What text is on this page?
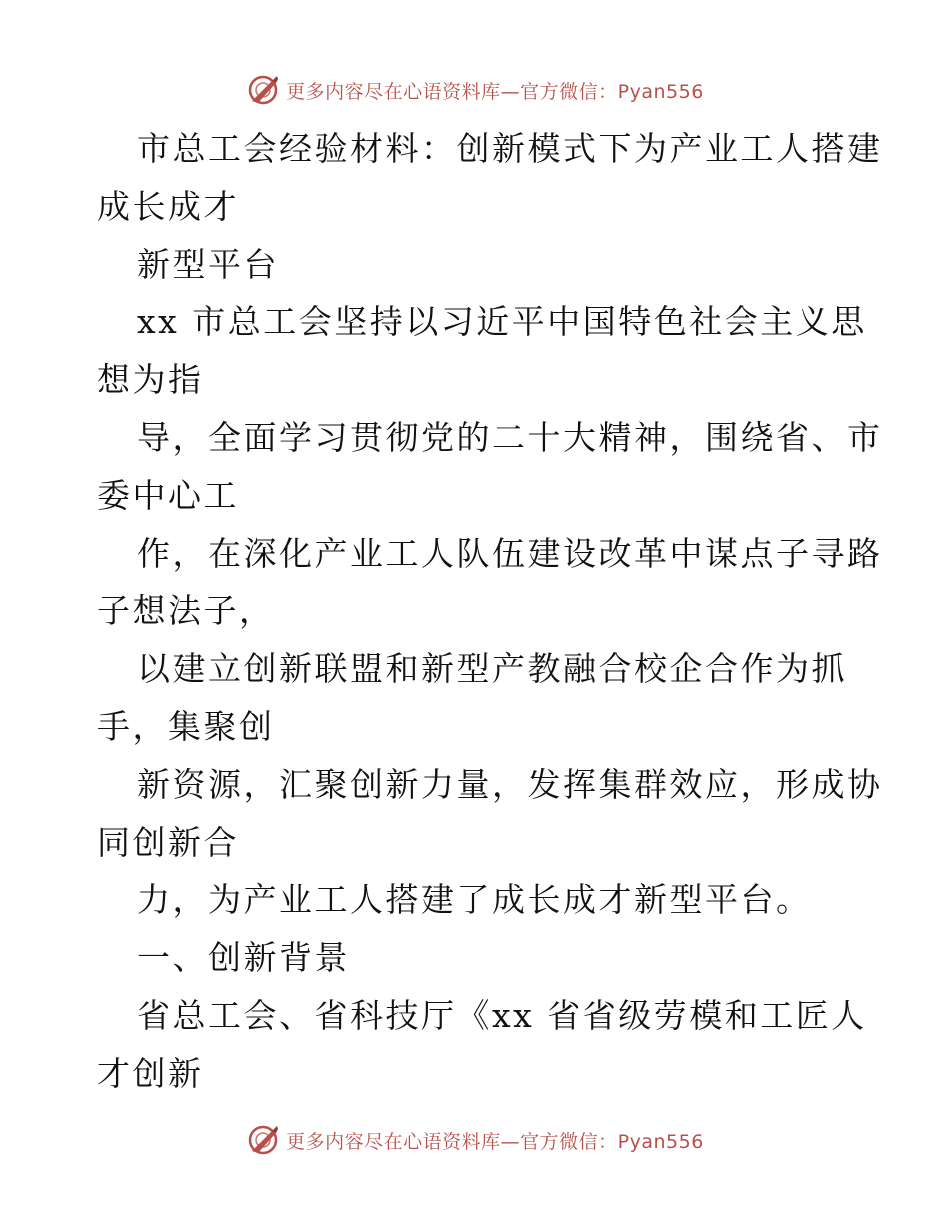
更多内容尽在心语资料库—官方微信：Pyan556
市总工会经验材料：创新模式下为产业工人搭建
成长成才
新型平台
xx 市总工会坚持以习近平中国特色社会主义思
想为指
导，全面学习贯彻党的二十大精神，围绕省、市
委中心工
作，在深化产业工人队伍建设改革中谋点子寻路
子想法子，
以建立创新联盟和新型产教融合校企合作为抓
手，集聚创
新资源，汇聚创新力量，发挥集群效应，形成协
同创新合
力，为产业工人搭建了成长成才新型平台。
一、创新背景
省总工会、省科技厅《xx 省省级劳模和工匠人
才创新
更多内容尽在心语资料库—官方微信：Pyan556
